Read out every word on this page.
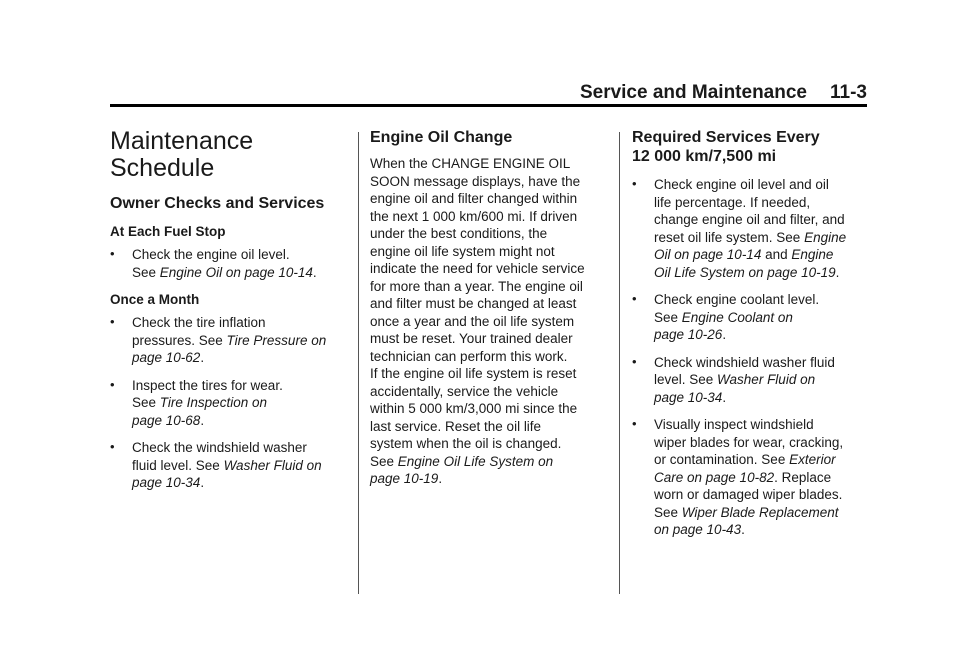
Service and Maintenance 11-3
Maintenance
Schedule
Owner Checks and Services
At Each Fuel Stop
• Check the engine oil level.
See Engine Oil on page 10-14.
Once a Month
• Check the tire inflation
pressures. See Tire Pressure on
page 10-62.
• Inspect the tires for wear.
See Tire Inspection on
page 10-68.
• Check the windshield washer
fluid level. See Washer Fluid on
page 10-34.
Engine Oil Change
When the CHANGE ENGINE OIL
SOON message displays, have the
engine oil and filter changed within
the next 1 000 km/600 mi. If driven
under the best conditions, the
engine oil life system might not
indicate the need for vehicle service
for more than a year. The engine oil
and filter must be changed at least
once a year and the oil life system
must be reset. Your trained dealer
technician can perform this work.
If the engine oil life system is reset
accidentally, service the vehicle
within 5 000 km/3,000 mi since the
last service. Reset the oil life
system when the oil is changed.
See Engine Oil Life System on
page 10-19.
Required Services Every
12 000 km/7,500 mi
• Check engine oil level and oil
life percentage. If needed,
change engine oil and filter, and
reset oil life system. See Engine
Oil on page 10-14 and Engine
Oil Life System on page 10-19.
• Check engine coolant level.
See Engine Coolant on
page 10-26.
• Check windshield washer fluid
level. See Washer Fluid on
page 10-34.
• Visually inspect windshield
wiper blades for wear, cracking,
or contamination. See Exterior
Care on page 10-82. Replace
worn or damaged wiper blades.
See Wiper Blade Replacement
on page 10-43.
